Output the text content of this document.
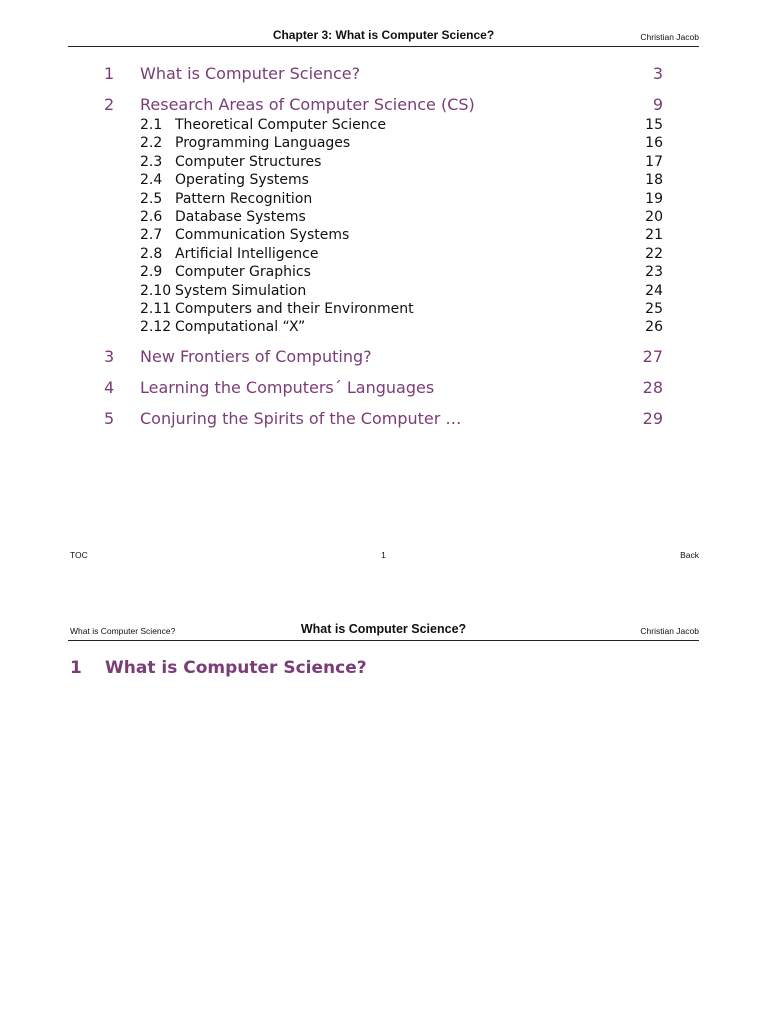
Chapter 3: What is Computer Science?	Christian Jacob
1 What is Computer Science?	3
2 Research Areas of Computer Science (CS)	9
2.1 Theoretical Computer Science	15
2.2 Programming Languages	16
2.3 Computer Structures	17
2.4 Operating Systems	18
2.5 Pattern Recognition	19
2.6 Database Systems	20
2.7 Communication Systems	21
2.8 Artificial Intelligence	22
2.9 Computer Graphics	23
2.10 System Simulation	24
2.11 Computers and their Environment	25
2.12 Computational “X”	26
3 New Frontiers of Computing?	27
4 Learning the Computers´ Languages	28
5 Conjuring the Spirits of the Computer …	29
TOC	1	Back
What is Computer Science?	What is Computer Science?	Christian Jacob
1 What is Computer Science?
